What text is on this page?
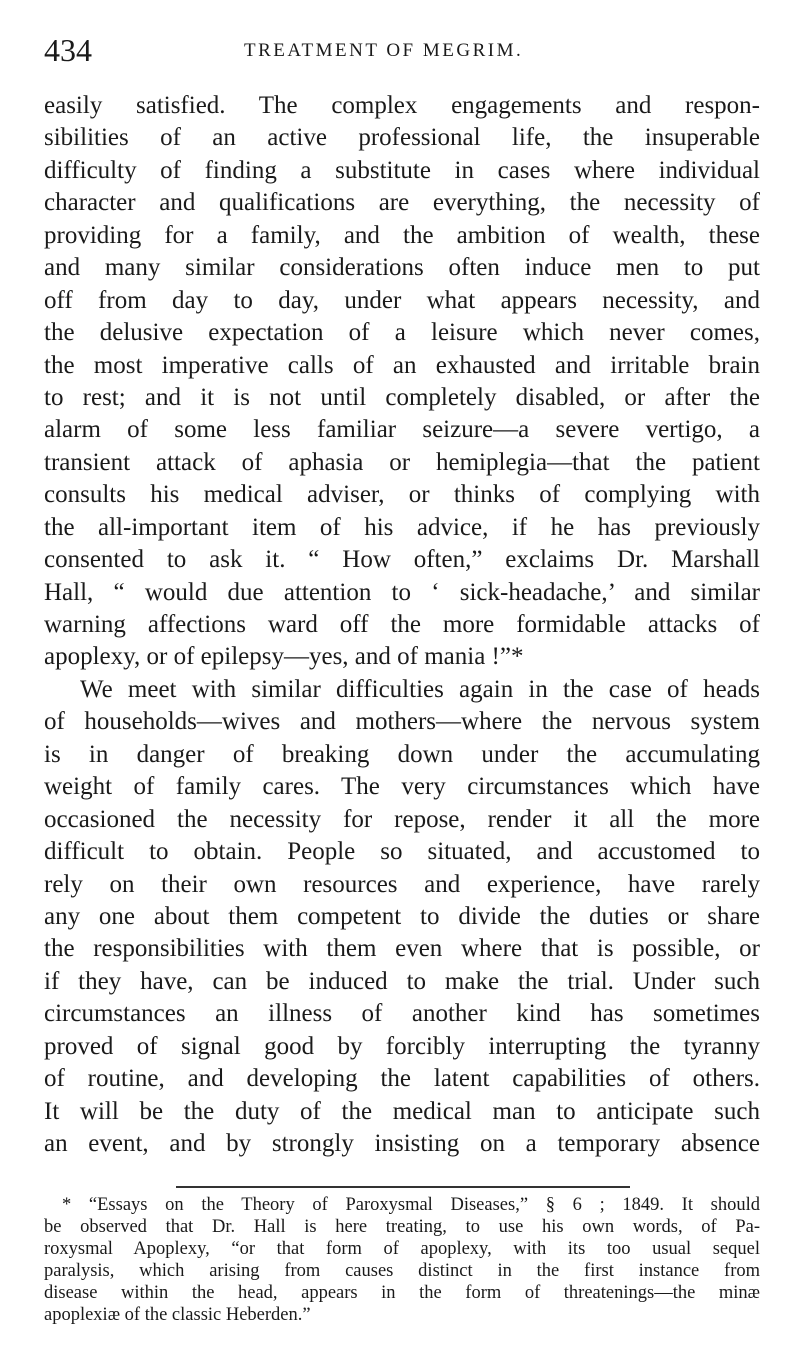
434	TREATMENT OF MEGRIM.
easily satisfied. The complex engagements and respon-
sibilities of an active professional life, the insuperable
difficulty of finding a substitute in cases where individual
character and qualifications are everything, the necessity of
providing for a family, and the ambition of wealth, these
and many similar considerations often induce men to put
off from day to day, under what appears necessity, and
the delusive expectation of a leisure which never comes,
the most imperative calls of an exhausted and irritable brain
to rest; and it is not until completely disabled, or after the
alarm of some less familiar seizure—a severe vertigo, a
transient attack of aphasia or hemiplegia—that the patient
consults his medical adviser, or thinks of complying with
the all-important item of his advice, if he has previously
consented to ask it. “ How often,” exclaims Dr. Marshall
Hall, “ would due attention to ‘ sick-headache,’ and similar
warning affections ward off the more formidable attacks of
apoplexy, or of epilepsy—yes, and of mania !”*
We meet with similar difficulties again in the case of heads
of households—wives and mothers—where the nervous system
is in danger of breaking down under the accumulating
weight of family cares. The very circumstances which have
occasioned the necessity for repose, render it all the more
difficult to obtain. People so situated, and accustomed to
rely on their own resources and experience, have rarely
any one about them competent to divide the duties or share
the responsibilities with them even where that is possible, or
if they have, can be induced to make the trial. Under such
circumstances an illness of another kind has sometimes
proved of signal good by forcibly interrupting the tyranny
of routine, and developing the latent capabilities of others.
It will be the duty of the medical man to anticipate such
an event, and by strongly insisting on a temporary absence
* “Essays on the Theory of Paroxysmal Diseases,” § 6 ; 1849. It should
be observed that Dr. Hall is here treating, to use his own words, of Pa-
roxysmal Apoplexy, “or that form of apoplexy, with its too usual sequel
paralysis, which arising from causes distinct in the first instance from
disease within the head, appears in the form of threatenings—the minæ
apoplexiæ of the classic Heberden.”
